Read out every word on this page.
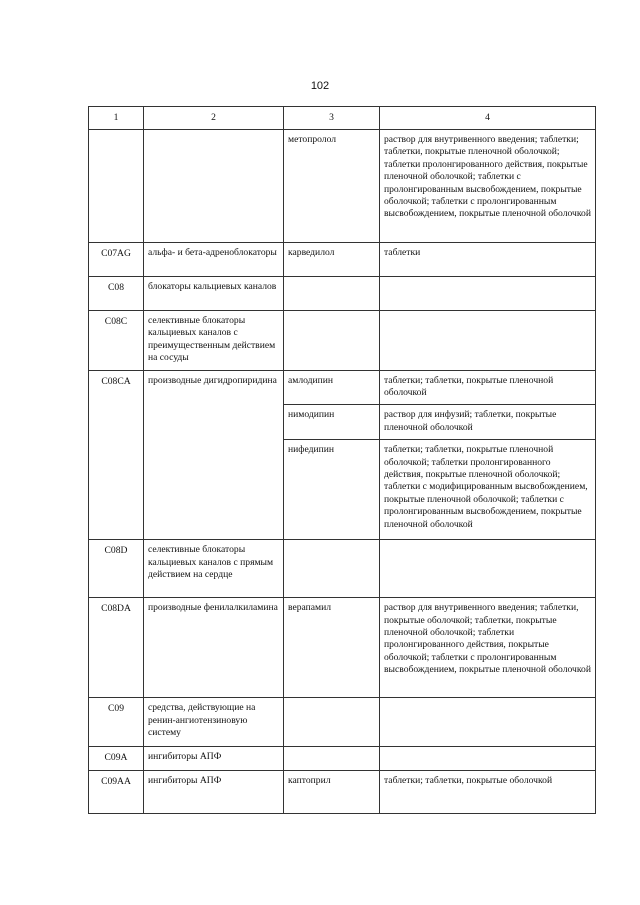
102
1	2	3	4
		метопролол	раствор для внутривенного введения; таблетки; таблетки, покрытые пленочной оболочкой; таблетки пролонгированного действия, покрытые пленочной оболочкой; таблетки с пролонгированным высвобождением, покрытые оболочкой; таблетки с пролонгированным высвобождением, покрытые пленочной оболочкой
C07AG	альфа- и бета-адреноблокаторы	карведилол	таблетки
C08	блокаторы кальциевых каналов		
C08C	селективные блокаторы кальциевых каналов с преимущественным действием на сосуды		
C08CA	производные дигидропиридина	амлодипин	таблетки; таблетки, покрытые пленочной оболочкой
		нимодипин	раствор для инфузий; таблетки, покрытые пленочной оболочкой
		нифедипин	таблетки; таблетки, покрытые пленочной оболочкой; таблетки пролонгированного действия, покрытые пленочной оболочкой; таблетки с модифицированным высвобождением, покрытые пленочной оболочкой; таблетки с пролонгированным высвобождением, покрытые пленочной оболочкой
C08D	селективные блокаторы кальциевых каналов с прямым действием на сердце		
C08DA	производные фенилалкиламина	верапамил	раствор для внутривенного введения; таблетки, покрытые оболочкой; таблетки, покрытые пленочной оболочкой; таблетки пролонгированного действия, покрытые оболочкой; таблетки с пролонгированным высвобождением, покрытые пленочной оболочкой
C09	средства, действующие на ренин-ангиотензиновую систему		
C09A	ингибиторы АПФ		
C09AA	ингибиторы АПФ	каптоприл	таблетки; таблетки, покрытые оболочкой
